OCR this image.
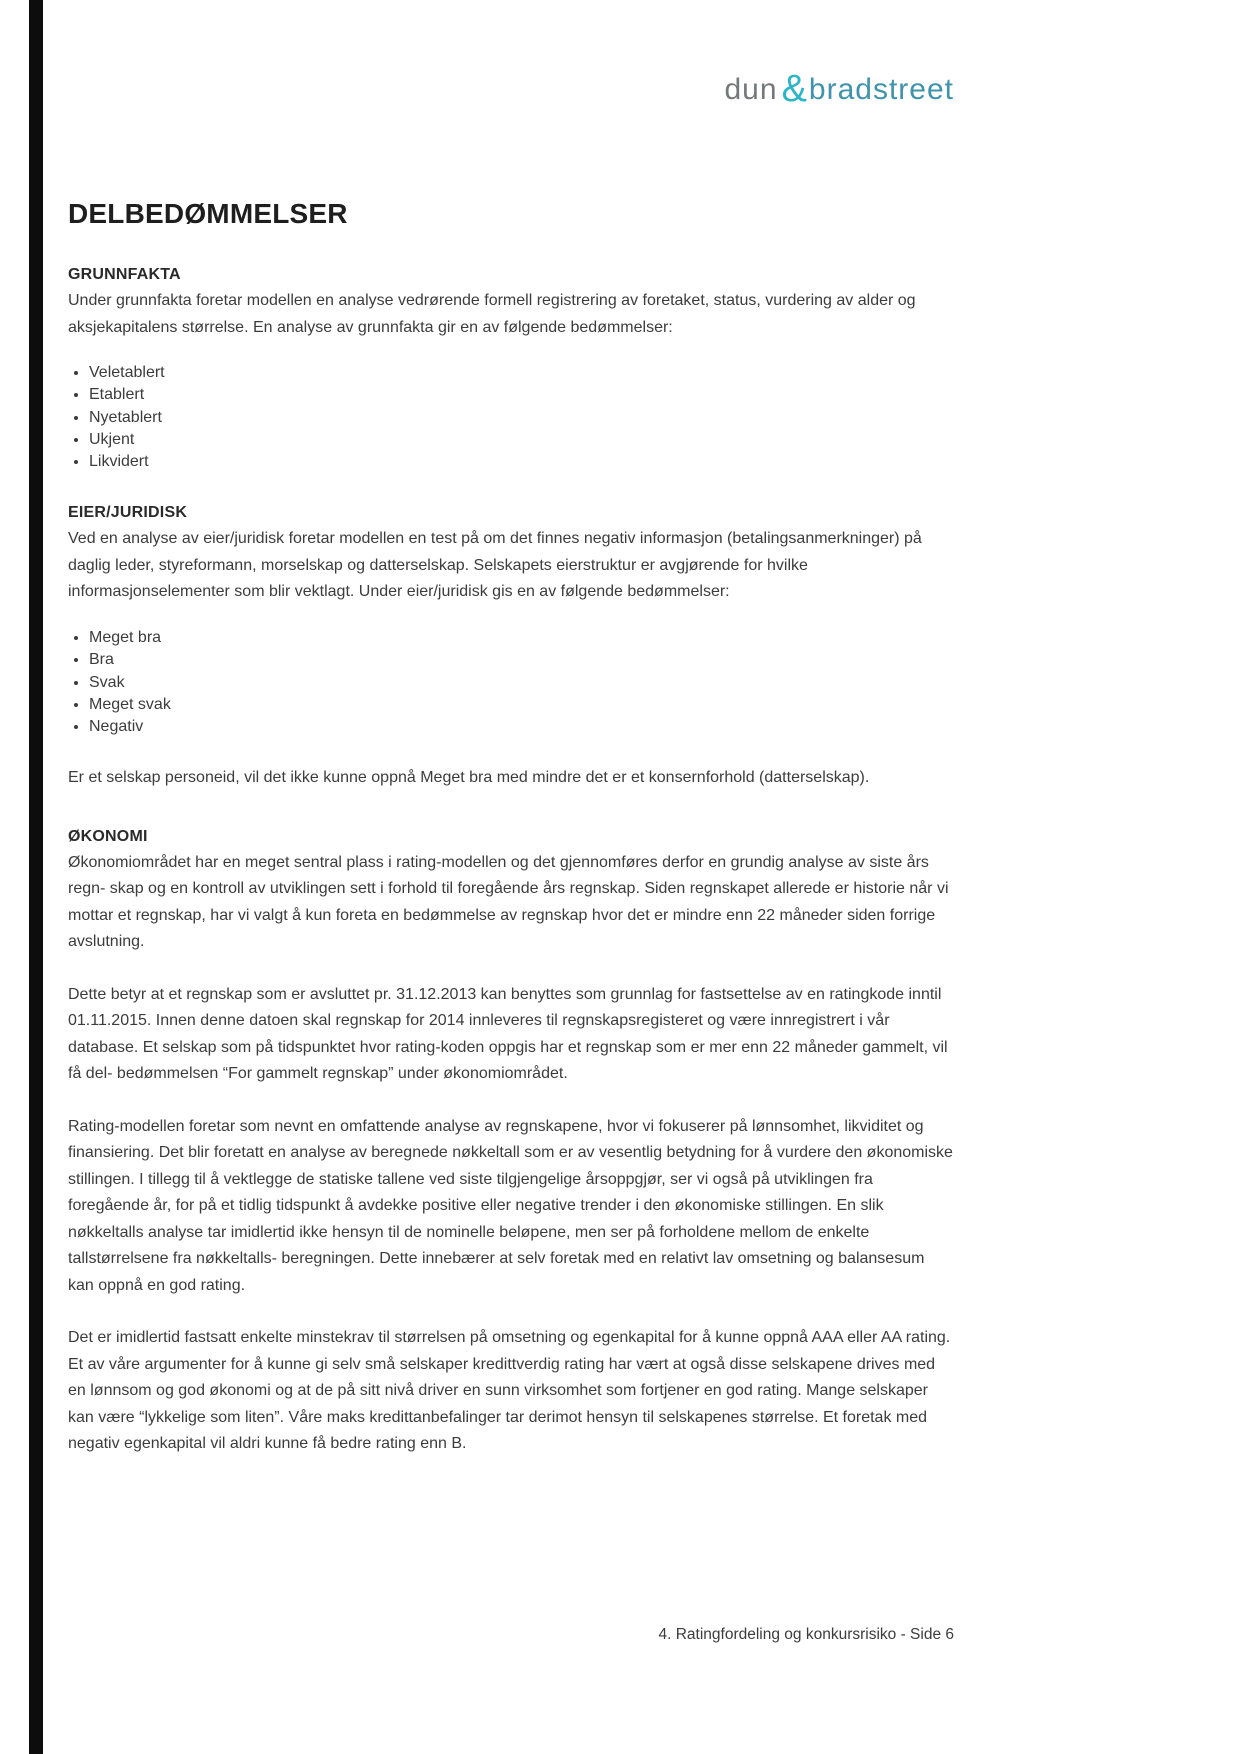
dun &bradstreet
DELBEDØMMELSER
GRUNNFAKTA

Under grunnfakta foretar modellen en analyse vedrørende formell registrering av foretaket, status, vurdering av alder og aksjekapitalens størrelse. En analyse av grunnfakta gir en av følgende bedømmelser:

• Veletablert
• Etablert
• Nyetablert
• Ukjent
• Likvidert
EIER/JURIDISK

Ved en analyse av eier/juridisk foretar modellen en test på om det finnes negativ informasjon (betalingsanmerkninger) på daglig leder, styreformann, morselskap og datterselskap. Selskapets eierstruktur er avgjørende for hvilke informasjonselementer som blir vektlagt. Under eier/juridisk gis en av følgende bedømmelser:

• Meget bra
• Bra
• Svak
• Meget svak
• Negativ

Er et selskap personeid, vil det ikke kunne oppnå Meget bra med mindre det er et konsernforhold (datterselskap).

ØKONOMI

Økonomiområdet har en meget sentral plass i rating-modellen og det gjennomføres derfor en grundig analyse av siste års regn- skap og en kontroll av utviklingen sett i forhold til foregående års regnskap. Siden regnskapet allerede er historie når vi mottar et regnskap, har vi valgt å kun foreta en bedømmelse av regnskap hvor det er mindre enn 22 måneder siden forrige avslutning.

Dette betyr at et regnskap som er avsluttet pr. 31.12.2013 kan benyttes som grunnlag for fastsettelse av en ratingkode inntil 01.11.2015. Innen denne datoen skal regnskap for 2014 innleveres til regnskapsregisteret og være innregistrert i vår database. Et selskap som på tidspunktet hvor rating-koden oppgis har et regnskap som er mer enn 22 måneder gammelt, vil få del- bedømmelsen “For gammelt regnskap” under økonomiområdet.

Rating-modellen foretar som nevnt en omfattende analyse av regnskapene, hvor vi fokuserer på lønnsomhet, likviditet og finansiering. Det blir foretatt en analyse av beregnede nøkkeltall som er av vesentlig betydning for å vurdere den økonomiske stillingen. I tillegg til å vektlegge de statiske tallene ved siste tilgjengelige årsoppgjør, ser vi også på utviklingen fra foregående år, for på et tidlig tidspunkt å avdekke positive eller negative trender i den økonomiske stillingen. En slik nøkkeltalls analyse tar imidlertid ikke hensyn til de nominelle beløpene, men ser på forholdene mellom de enkelte tallstørrelsene fra nøkkeltalls- beregningen. Dette innebærer at selv foretak med en relativt lav omsetning og balansesum kan oppnå en god rating.

Det er imidlertid fastsatt enkelte minstekrav til størrelsen på omsetning og egenkapital for å kunne oppnå AAA eller AA rating. Et av våre argumenter for å kunne gi selv små selskaper kredittverdig rating har vært at også disse selskapene drives med en lønnsom og god økonomi og at de på sitt nivå driver en sunn virksomhet som fortjener en god rating. Mange selskaper kan være “lykkelige som liten”. Våre maks kredittanbefalinger tar derimot hensyn til selskapenes størrelse. Et foretak med negativ egenkapital vil aldri kunne få bedre rating enn B.

4. Ratingfordeling og konkursrisiko - Side 6
